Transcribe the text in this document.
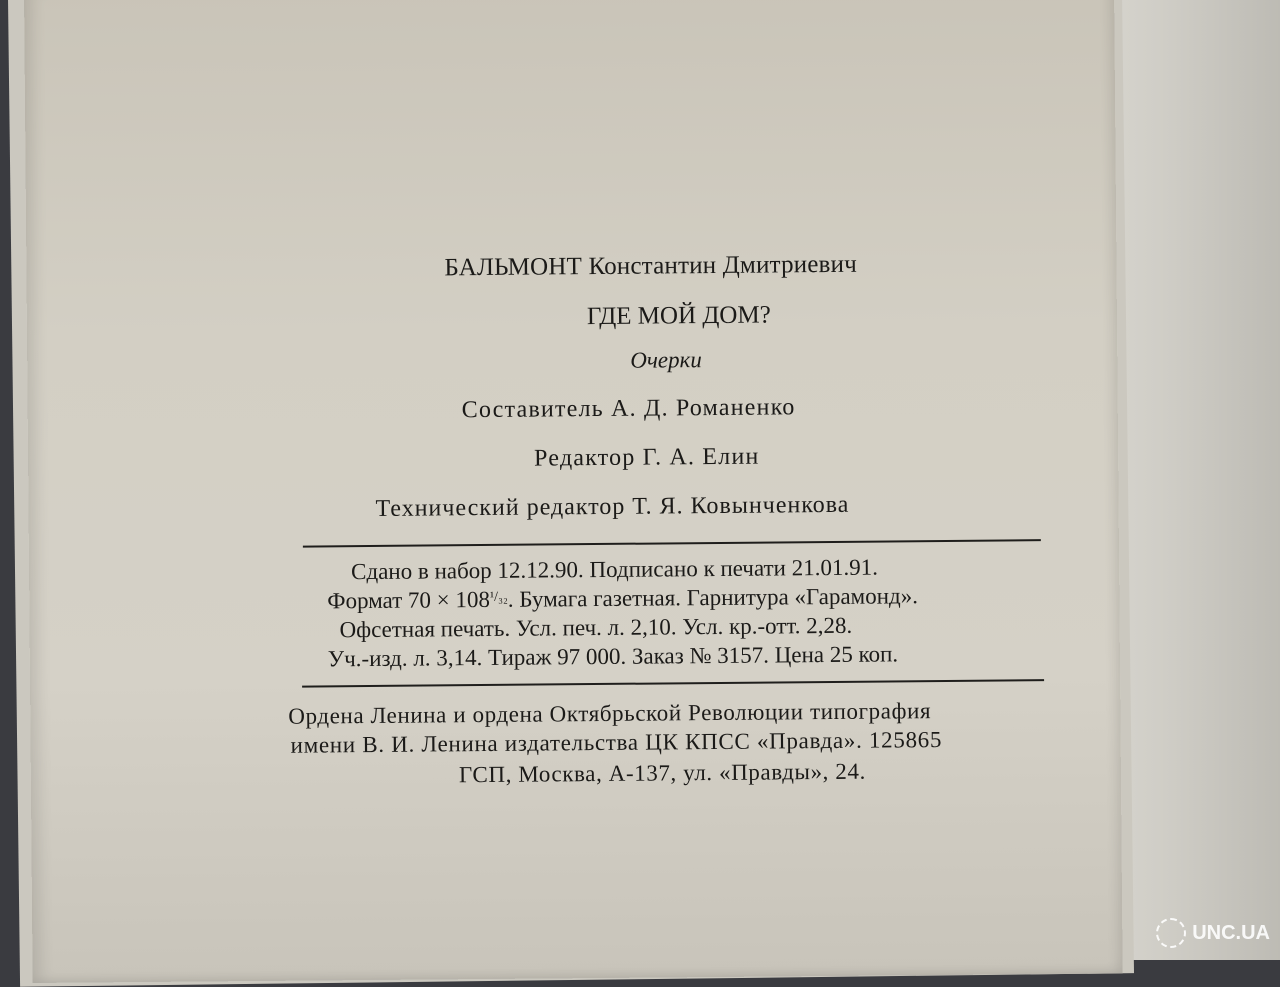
БАЛЬМОНТ Константин Дмитриевич
ГДЕ МОЙ ДОМ?
Очерки
Составитель А. Д. Романенко
Редактор Г. А. Елин
Технический редактор Т. Я. Ковынченкова
Сдано в набор 12.12.90. Подписано к печати 21.01.91.
Формат $70 \times 108^{^1/_{32}}$. Бумага газетная. Гарнитура «Гарамонд».
Офсетная печать. Усл. печ. л. 2,10. Усл. кр.-отт. 2,28.
Уч.-изд. л. 3,14. Тираж 97 000. Заказ № 3157. Цена 25 коп.
Ордена Ленина и ордена Октябрьской Революции типография
имени В. И. Ленина издательства ЦК КПСС «Правда». 125865
ГСП, Москва, А-137, ул. «Правды», 24.
UNC.UA
